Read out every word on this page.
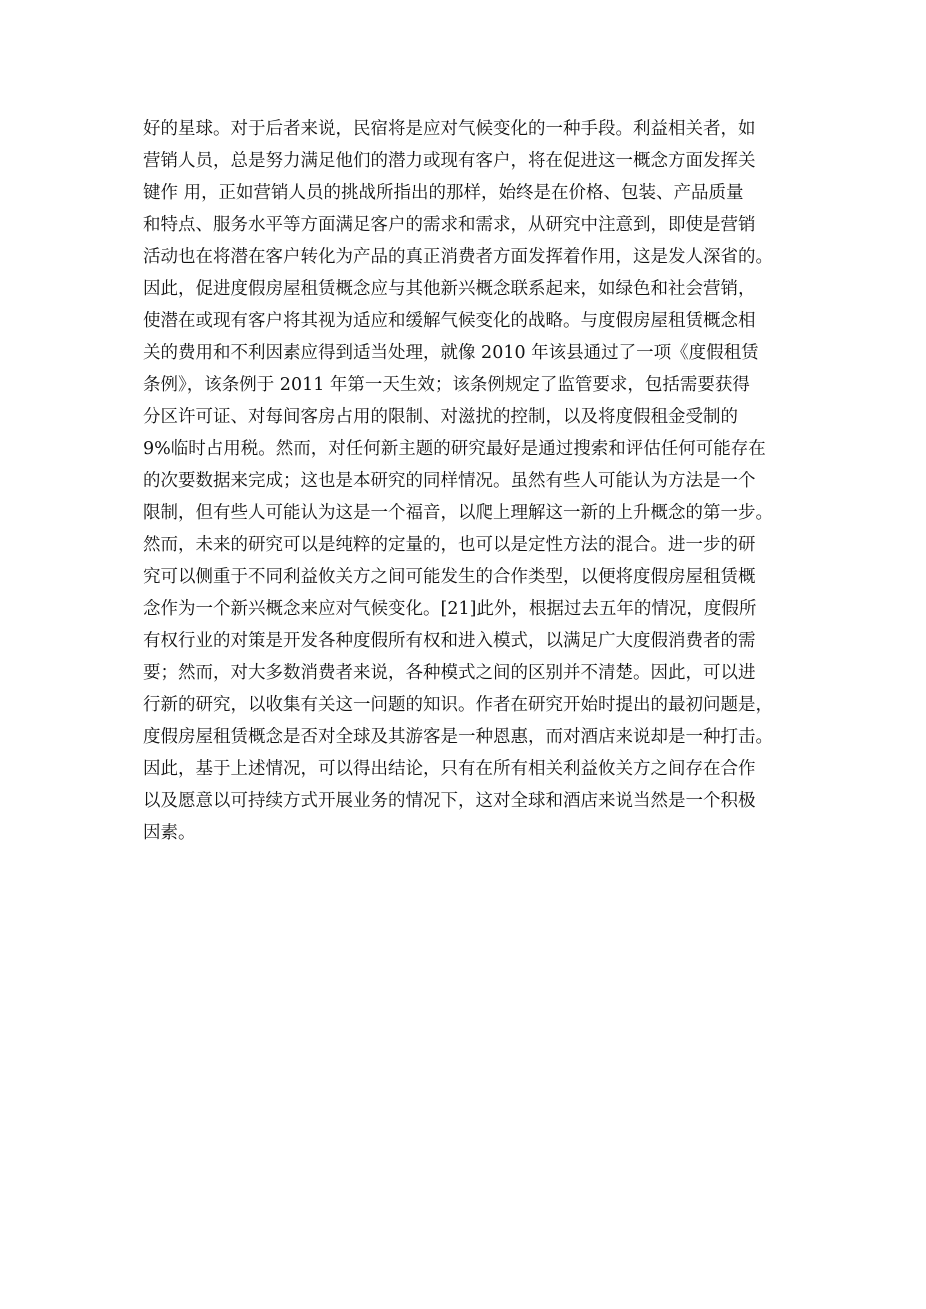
好的星球。对于后者来说，民宿将是应对气候变化的一种手段。利益相关者，如
营销人员，总是努力满足他们的潜力或现有客户，将在促进这一概念方面发挥关
键作 用，正如营销人员的挑战所指出的那样，始终是在价格、包装、产品质量
和特点、服务水平等方面满足客户的需求和需求，从研究中注意到，即使是营销
活动也在将潜在客户转化为产品的真正消费者方面发挥着作用，这是发人深省的。
因此，促进度假房屋租赁概念应与其他新兴概念联系起来，如绿色和社会营销，
使潜在或现有客户将其视为适应和缓解气候变化的战略。与度假房屋租赁概念相
关的费用和不利因素应得到适当处理，就像 2010 年该县通过了一项《度假租赁
条例》，该条例于 2011 年第一天生效；该条例规定了监管要求，包括需要获得
分区许可证、对每间客房占用的限制、对滋扰的控制，以及将度假租金受制的
9%临时占用税。然而，对任何新主题的研究最好是通过搜索和评估任何可能存在
的次要数据来完成；这也是本研究的同样情况。虽然有些人可能认为方法是一个
限制，但有些人可能认为这是一个福音，以爬上理解这一新的上升概念的第一步。
然而，未来的研究可以是纯粹的定量的，也可以是定性方法的混合。进一步的研
究可以侧重于不同利益攸关方之间可能发生的合作类型，以便将度假房屋租赁概
念作为一个新兴概念来应对气候变化。[21]此外，根据过去五年的情况，度假所
有权行业的对策是开发各种度假所有权和进入模式，以满足广大度假消费者的需
要；然而，对大多数消费者来说，各种模式之间的区别并不清楚。因此，可以进
行新的研究，以收集有关这一问题的知识。作者在研究开始时提出的最初问题是，
度假房屋租赁概念是否对全球及其游客是一种恩惠，而对酒店来说却是一种打击。
因此，基于上述情况，可以得出结论，只有在所有相关利益攸关方之间存在合作
以及愿意以可持续方式开展业务的情况下，这对全球和酒店来说当然是一个积极
因素。
